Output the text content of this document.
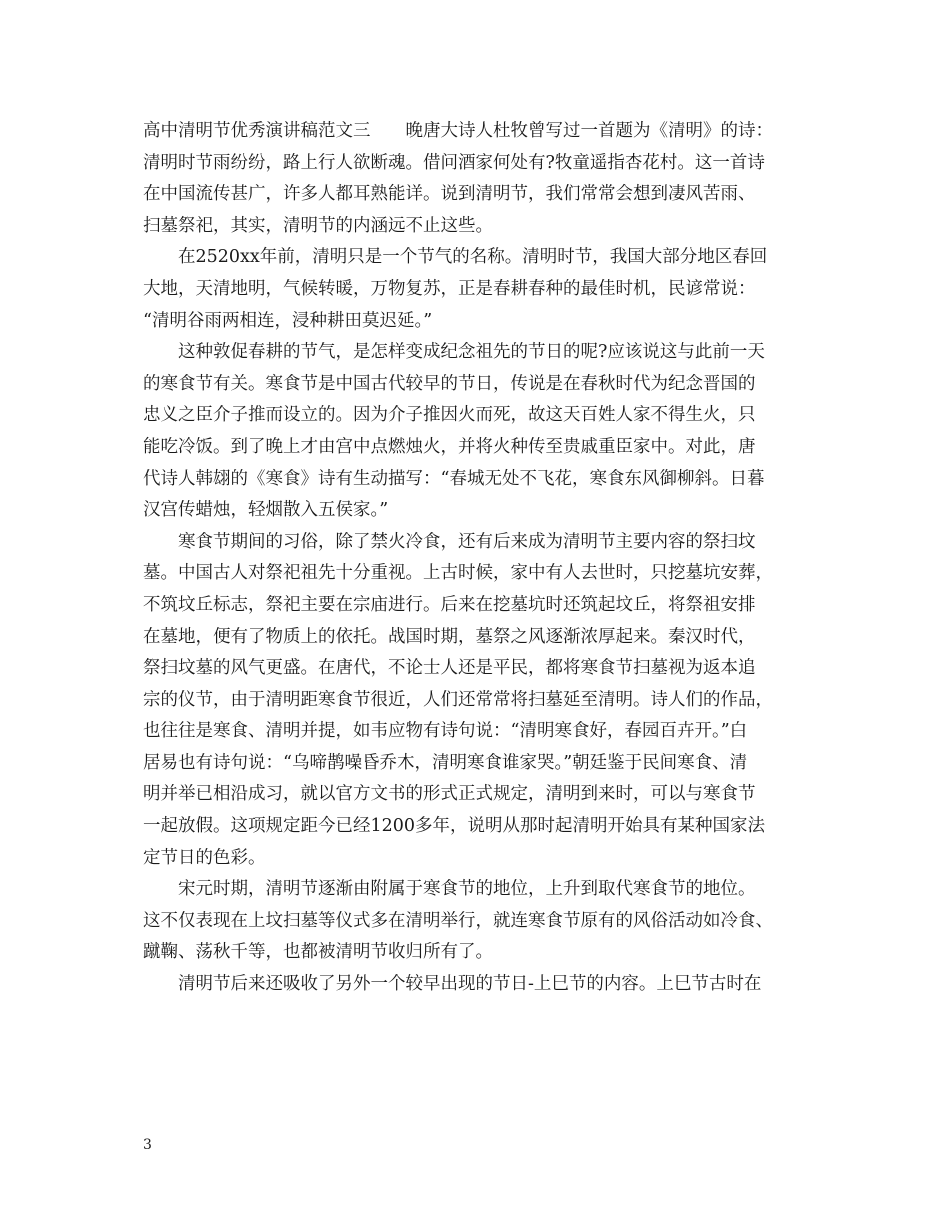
高中清明节优秀演讲稿范文三　　晚唐大诗人杜牧曾写过一首题为《清明》的诗：
清明时节雨纷纷，路上行人欲断魂。借问酒家何处有?牧童遥指杏花村。这一首诗
在中国流传甚广，许多人都耳熟能详。说到清明节，我们常常会想到凄风苦雨、
扫墓祭祀，其实，清明节的内涵远不止这些。
在2520xx年前，清明只是一个节气的名称。清明时节，我国大部分地区春回
大地，天清地明，气候转暖，万物复苏，正是春耕春种的最佳时机，民谚常说：
“清明谷雨两相连，浸种耕田莫迟延。”
这种敦促春耕的节气，是怎样变成纪念祖先的节日的呢?应该说这与此前一天
的寒食节有关。寒食节是中国古代较早的节日，传说是在春秋时代为纪念晋国的
忠义之臣介子推而设立的。因为介子推因火而死，故这天百姓人家不得生火，只
能吃冷饭。到了晚上才由宫中点燃烛火，并将火种传至贵戚重臣家中。对此，唐
代诗人韩翃的《寒食》诗有生动描写：“春城无处不飞花，寒食东风御柳斜。日暮
汉宫传蜡烛，轻烟散入五侯家。”
寒食节期间的习俗，除了禁火冷食，还有后来成为清明节主要内容的祭扫坟
墓。中国古人对祭祀祖先十分重视。上古时候，家中有人去世时，只挖墓坑安葬，
不筑坟丘标志，祭祀主要在宗庙进行。后来在挖墓坑时还筑起坟丘，将祭祖安排
在墓地，便有了物质上的依托。战国时期，墓祭之风逐渐浓厚起来。秦汉时代，
祭扫坟墓的风气更盛。在唐代，不论士人还是平民，都将寒食节扫墓视为返本追
宗的仪节，由于清明距寒食节很近，人们还常常将扫墓延至清明。诗人们的作品，
也往往是寒食、清明并提，如韦应物有诗句说：“清明寒食好，春园百卉开。”白
居易也有诗句说：“乌啼鹊噪昏乔木，清明寒食谁家哭。”朝廷鉴于民间寒食、清
明并举已相沿成习，就以官方文书的形式正式规定，清明到来时，可以与寒食节
一起放假。这项规定距今已经1200多年，说明从那时起清明开始具有某种国家法
定节日的色彩。
宋元时期，清明节逐渐由附属于寒食节的地位，上升到取代寒食节的地位。
这不仅表现在上坟扫墓等仪式多在清明举行，就连寒食节原有的风俗活动如冷食、
蹴鞠、荡秋千等，也都被清明节收归所有了。
清明节后来还吸收了另外一个较早出现的节日-上巳节的内容。上巳节古时在
3
